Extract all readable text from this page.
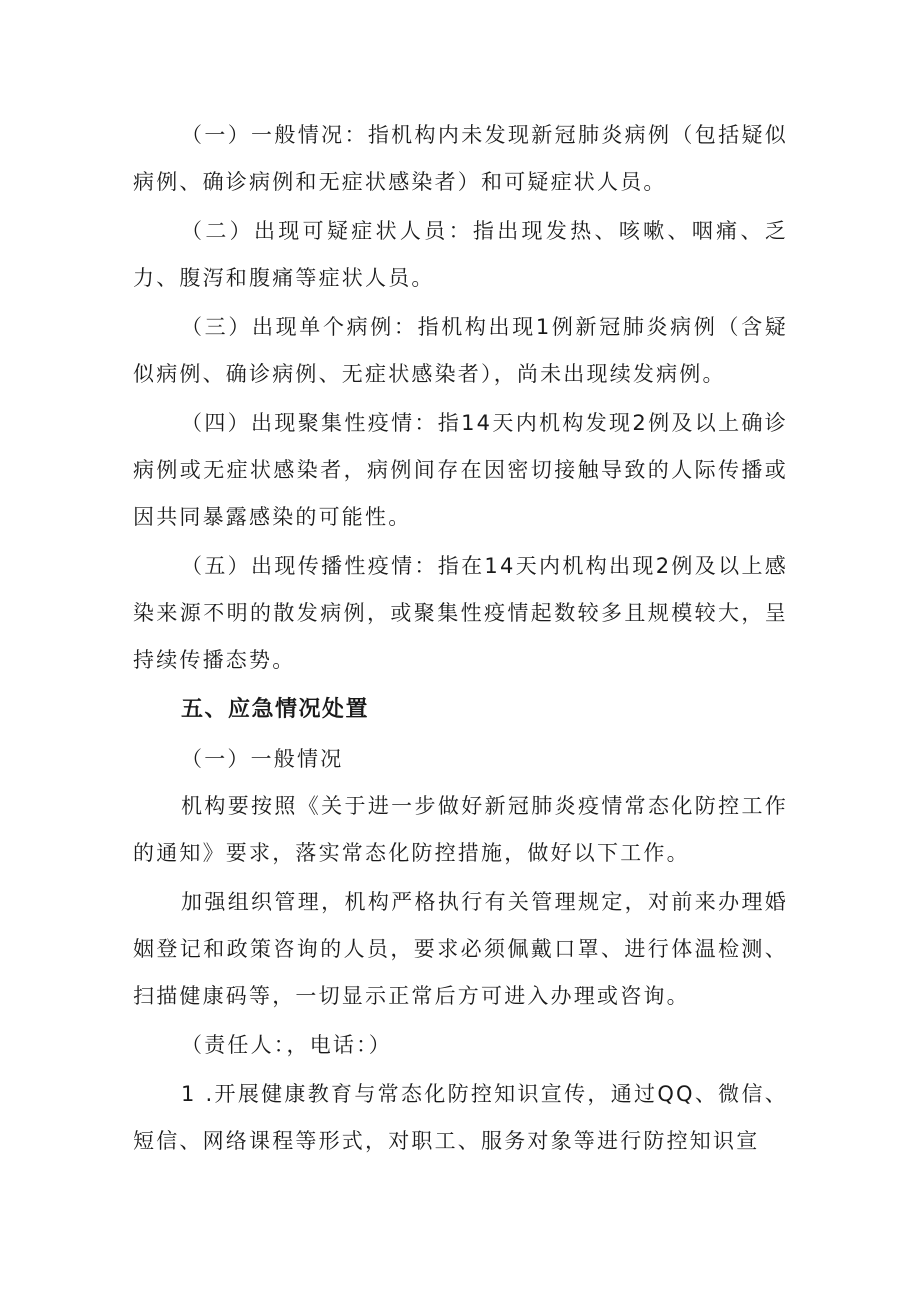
（一）一般情况：指机构内未发现新冠肺炎病例（包括疑似病例、确诊病例和无症状感染者）和可疑症状人员。

（二）出现可疑症状人员：指出现发热、咳嗽、咽痛、乏力、腹泻和腹痛等症状人员。

（三）出现单个病例：指机构出现1例新冠肺炎病例（含疑似病例、确诊病例、无症状感染者），尚未出现续发病例。

（四）出现聚集性疫情：指14天内机构发现2例及以上确诊病例或无症状感染者，病例间存在因密切接触导致的人际传播或因共同暴露感染的可能性。

（五）出现传播性疫情：指在14天内机构出现2例及以上感染来源不明的散发病例，或聚集性疫情起数较多且规模较大，呈持续传播态势。

五、应急情况处置

（一）一般情况

机构要按照《关于进一步做好新冠肺炎疫情常态化防控工作的通知》要求，落实常态化防控措施，做好以下工作。

加强组织管理，机构严格执行有关管理规定，对前来办理婚姻登记和政策咨询的人员，要求必须佩戴口罩、进行体温检测、扫描健康码等，一切显示正常后方可进入办理或咨询。

（责任人：，电话：）

1 .开展健康教育与常态化防控知识宣传，通过QQ、微信、短信、网络课程等形式，对职工、服务对象等进行防控知识宣
